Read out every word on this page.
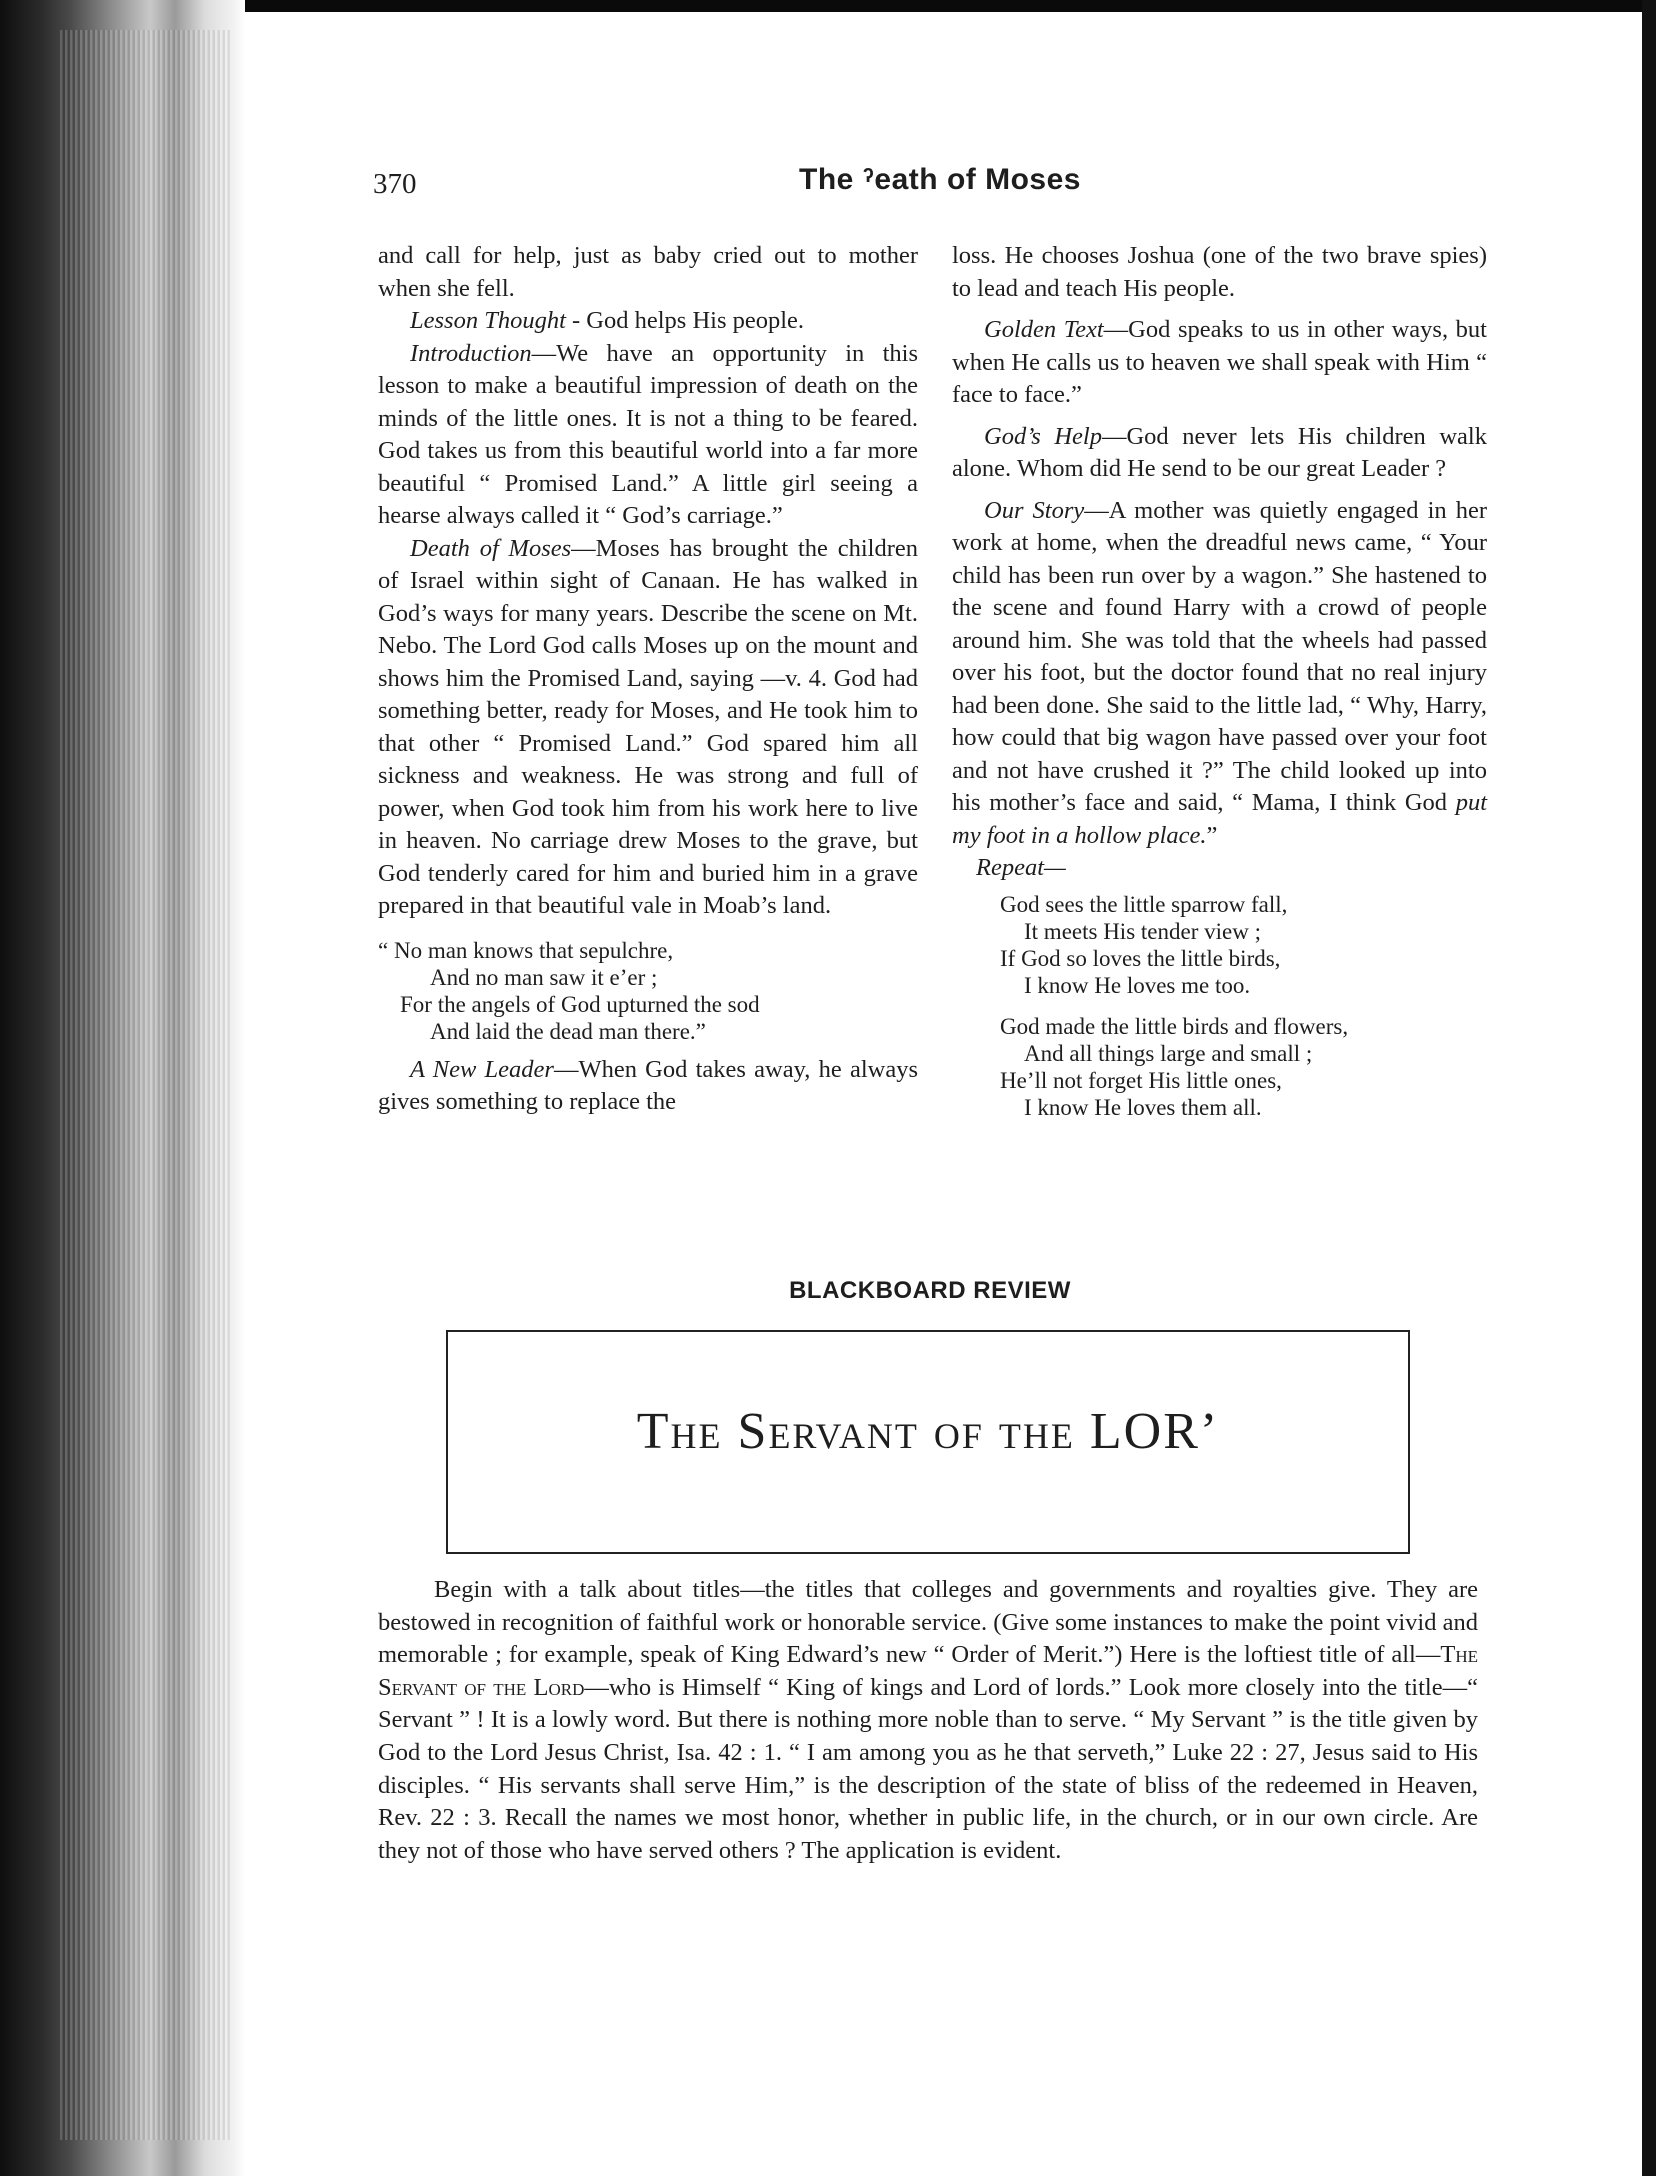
370	The ˀeath of Moses

and call for help, just as baby cried out to mother when she fell.

Lesson Thought - God helps His people.

Introduction—We have an opportunity in this lesson to make a beautiful impression of death on the minds of the little ones. It is not a thing to be feared. God takes us from this beautiful world into a far more beautiful “ Promised Land.” A little girl seeing a hearse always called it “ God’s carriage.”

Death of Moses—Moses has brought the children of Israel within sight of Canaan. He has walked in God’s ways for many years. Describe the scene on Mt. Nebo. The Lord God calls Moses up on the mount and shows him the Promised Land, saying —v. 4. God had something better, ready for Moses, and He took him to that other “ Promised Land.” God spared him all sickness and weakness. He was strong and full of power, when God took him from his work here to live in heaven. No carriage drew Moses to the grave, but God tenderly cared for him and buried him in a grave prepared in that beautiful vale in Moab’s land.

“ No man knows that sepulchre,
And no man saw it e’er ;
For the angels of God upturned the sod
And laid the dead man there.”

A New Leader—When God takes away, he always gives something to replace the

loss. He chooses Joshua (one of the two brave spies) to lead and teach His people.

Golden Text—God speaks to us in other ways, but when He calls us to heaven we shall speak with Him “ face to face.”

God’s Help—God never lets His children walk alone. Whom did He send to be our great Leader ?

Our Story—A mother was quietly engaged in her work at home, when the dreadful news came, “ Your child has been run over by a wagon.” She hastened to the scene and found Harry with a crowd of people around him. She was told that the wheels had passed over his foot, but the doctor found that no real injury had been done. She said to the little lad, “ Why, Harry, how could that big wagon have passed over your foot and not have crushed it ?” The child looked up into his mother’s face and said, “ Mama, I think God put my foot in a hollow place.”

Repeat—

God sees the little sparrow fall,
It meets His tender view ;
If God so loves the little birds,
I know He loves me too.
God made the little birds and flowers,
And all things large and small ;
He’ll not forget His little ones,
I know He loves them all.
BLACKBOARD REVIEW
The Servant of the LORʼ
Begin with a talk about titles—the titles that colleges and governments and royalties give. They are bestowed in recognition of faithful work or honorable service. (Give some instances to make the point vivid and memorable ; for example, speak of King Edward’s new “ Order of Merit.”) Here is the loftiest title of all—The Servant of the Lord—who is Himself “ King of kings and Lord of lords.” Look more closely into the title—“ Servant ” ! It is a lowly word. But there is nothing more noble than to serve. “ My Servant ” is the title given by God to the Lord Jesus Christ, Isa. 42 : 1. “ I am among you as he that serveth,” Luke 22 : 27, Jesus said to His disciples. “ His servants shall serve Him,” is the description of the state of bliss of the redeemed in Heaven, Rev. 22 : 3. Recall the names we most honor, whether in public life, in the church, or in our own circle. Are they not of those who have served others ? The application is evident.
